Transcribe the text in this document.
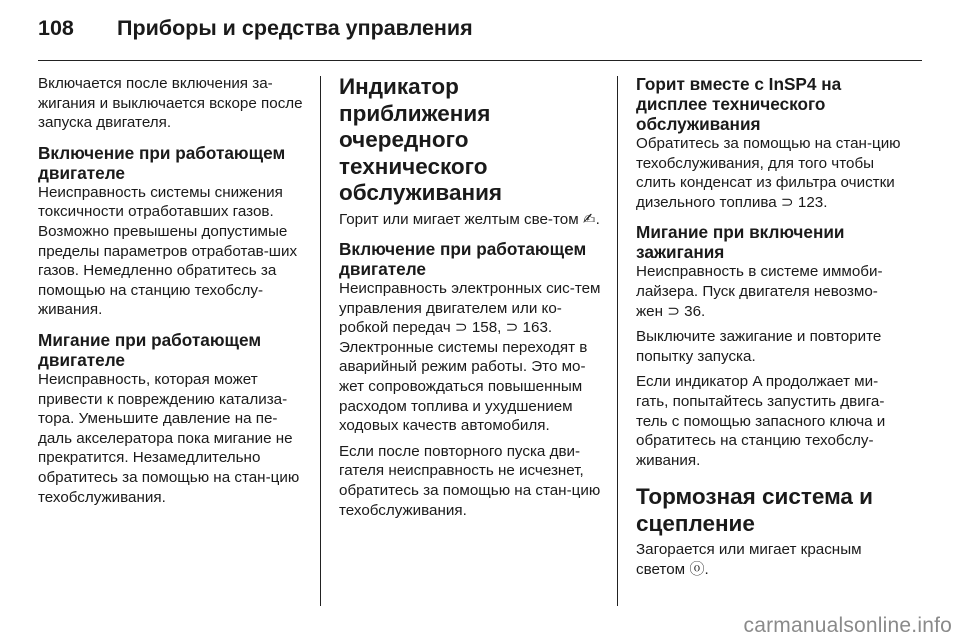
108	Приборы и средства управления

Включается после включения за-жигания и выключается вскоре после запуска двигателя.

Включение при работающем двигателе

Неисправность системы снижения токсичности отработавших газов. Возможно превышены допустимые пределы параметров отработав-ших газов. Немедленно обратитесь за помощью на станцию техобслу-живания.

Мигание при работающем двигателе

Неисправность, которая может привести к повреждению катализа-тора. Уменьшите давление на пе-даль акселератора пока мигание не прекратится. Незамедлительно обратитесь за помощью на стан-цию техобслуживания.

Индикатор приближения очередного технического обслуживания

Горит или мигает желтым све-том ✍.

Включение при работающем двигателе

Неисправность электронных сис-тем управления двигателем или ко-робкой передач ⊃ 158, ⊃ 163. Электронные системы переходят в аварийный режим работы. Это мо-жет сопровождаться повышенным расходом топлива и ухудшением ходовых качеств автомобиля.

Если после повторного пуска дви-гателя неисправность не исчезнет, обратитесь за помощью на стан-цию техобслуживания.

Горит вместе с InSP4 на дисплее технического обслуживания

Обратитесь за помощью на стан-цию техобслуживания, для того чтобы слить конденсат из фильтра очистки дизельного топлива ⊃ 123.

Мигание при включении зажигания

Неисправность в системе иммоби-лайзера. Пуск двигателя невозмо-жен ⊃ 36.

Выключите зажигание и повторите попытку запуска.

Если индикатор A продолжает ми-гать, попытайтесь запустить двига-тель с помощью запасного ключа и обратитесь на станцию техобслу-живания.

Тормозная система и сцепление

Загорается или мигает красным светом ⓞ.

carmanualsonline.info
